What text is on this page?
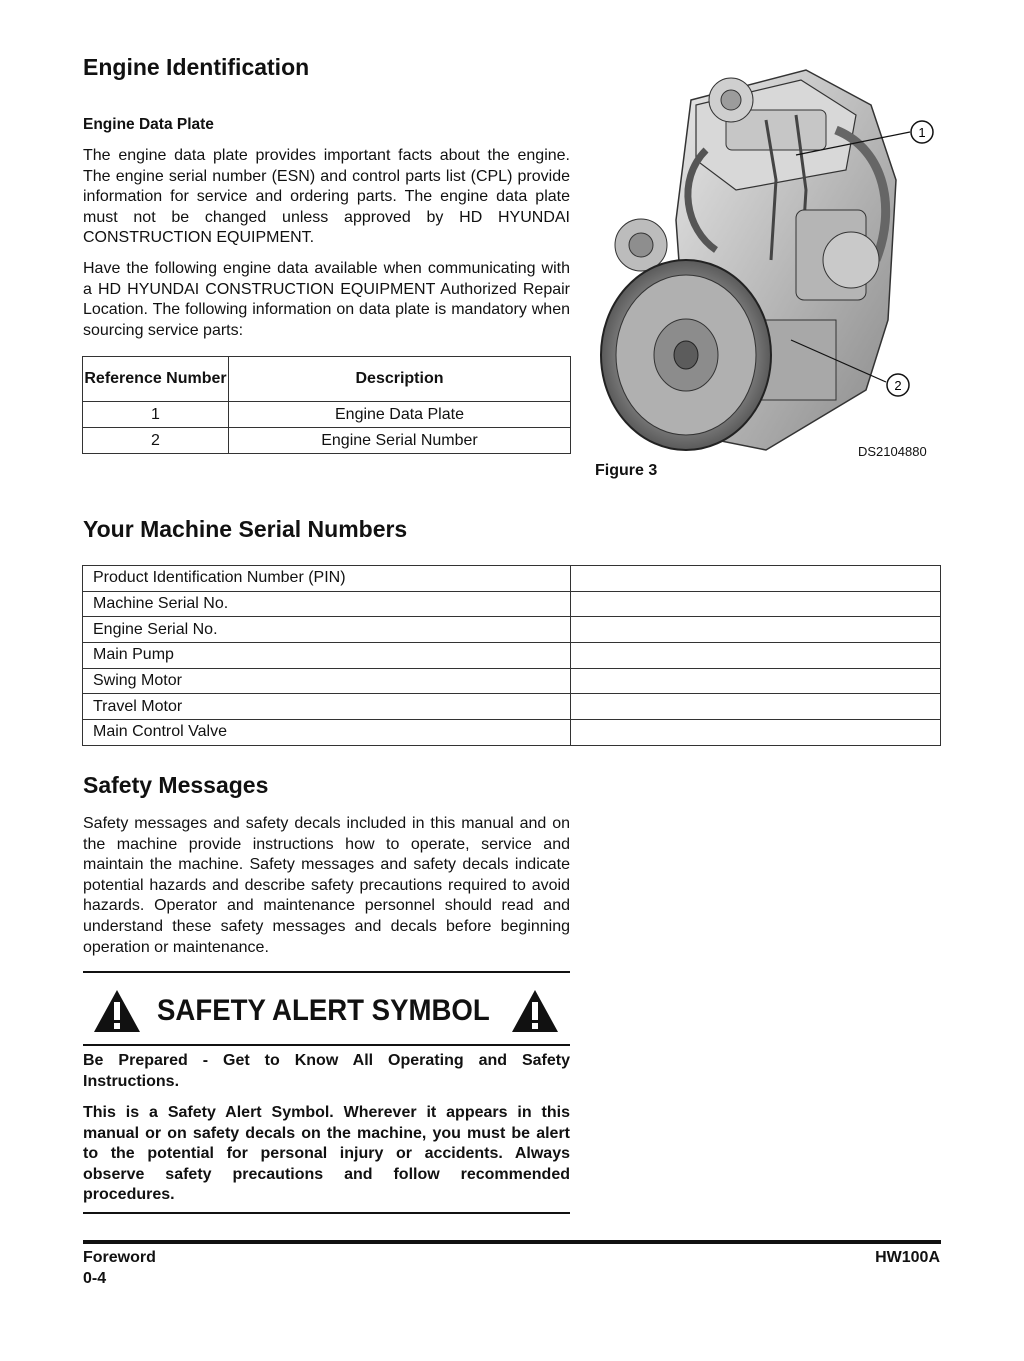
Engine Identification
Engine Data Plate

The engine data plate provides important facts about the engine. The engine serial number (ESN) and control parts list (CPL) provide information for service and ordering parts. The engine data plate must not be changed unless approved by HD HYUNDAI CONSTRUCTION EQUIPMENT.

Have the following engine data available when communicating with a HD HYUNDAI CONSTRUCTION EQUIPMENT Authorized Repair Location. The following information on data plate is mandatory when sourcing service parts:

Reference Number	Description
1	Engine Data Plate
2	Engine Serial Number
1
2
DS2104880
Figure 3
Your Machine Serial Numbers
Product Identification Number (PIN)	
Machine Serial No.	
Engine Serial No.	
Main Pump	
Swing Motor	
Travel Motor	
Main Control Valve	
Safety Messages

Safety messages and safety decals included in this manual and on the machine provide instructions how to operate, service and maintain the machine. Safety messages and safety decals indicate potential hazards and describe safety precautions required to avoid hazards. Operator and maintenance personnel should read and understand these safety messages and decals before beginning operation or maintenance.

SAFETY ALERT SYMBOL

Be Prepared - Get to Know All Operating and Safety Instructions.

This is a Safety Alert Symbol. Wherever it appears in this manual or on safety decals on the machine, you must be alert to the potential for personal injury or accidents. Always observe safety precautions and follow recommended procedures.

Foreword
0-4
HW100A
